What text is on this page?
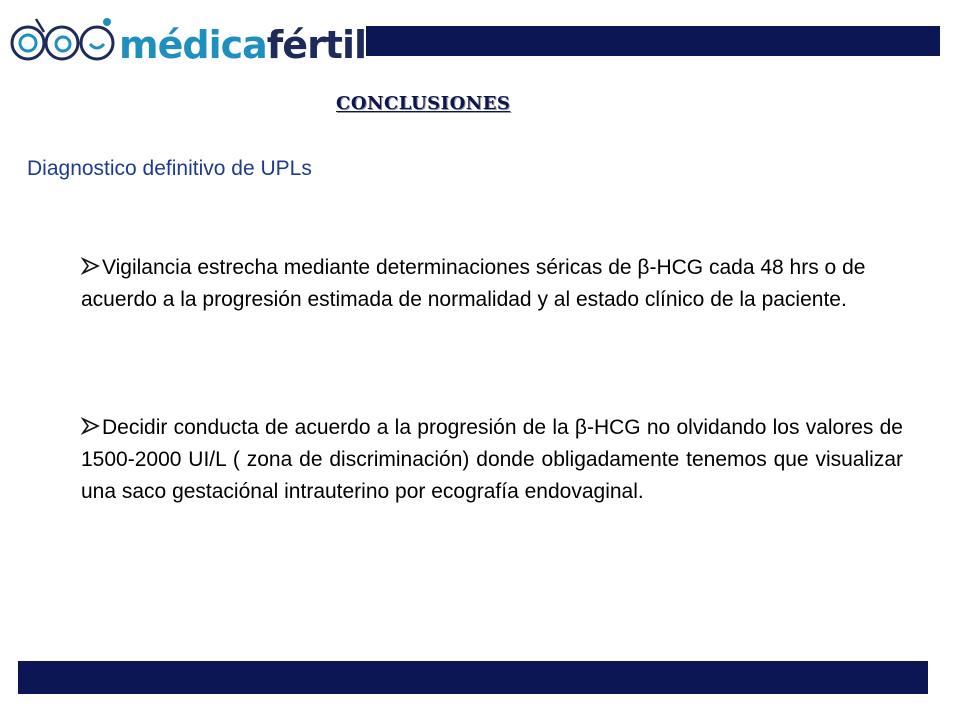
médicafértil
CONCLUSIONES
Diagnostico definitivo de UPLs

Vigilancia estrecha mediante determinaciones séricas de β-HCG cada 48 hrs o de acuerdo a la progresión estimada de normalidad y al estado clínico de la paciente.

Decidir conducta de acuerdo a la progresión de la β-HCG no olvidando los valores de 1500-2000 UI/L ( zona de discriminación) donde obligadamente tenemos que visualizar una saco gestaciónal intrauterino por ecografía endovaginal.
